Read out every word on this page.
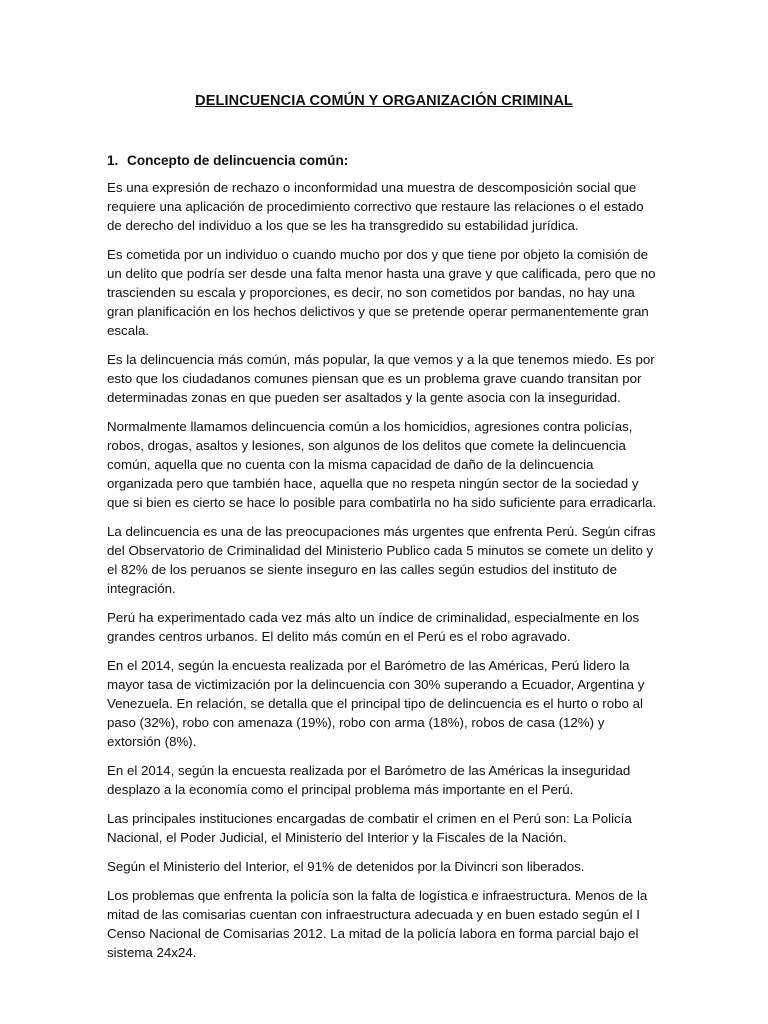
DELINCUENCIA COMÚN Y ORGANIZACIÓN CRIMINAL
1. Concepto de delincuencia común:

Es una expresión de rechazo o inconformidad una muestra de descomposición social que requiere una aplicación de procedimiento correctivo que restaure las relaciones o el estado de derecho del individuo a los que se les ha transgredido su estabilidad jurídica.

Es cometida por un individuo o cuando mucho por dos y que tiene por objeto la comisión de un delito que podría ser desde una falta menor hasta una grave y que calificada, pero que no trascienden su escala y proporciones, es decir, no son cometidos por bandas, no hay una gran planificación en los hechos delictivos y que se pretende operar permanentemente gran escala.

Es la delincuencia más común, más popular, la que vemos y a la que tenemos miedo. Es por esto que los ciudadanos comunes piensan que es un problema grave cuando transitan por determinadas zonas en que pueden ser asaltados y la gente asocia con la inseguridad.

Normalmente llamamos delincuencia común a los homicidios, agresiones contra policías, robos, drogas, asaltos y lesiones, son algunos de los delitos que comete la delincuencia común, aquella que no cuenta con la misma capacidad de daño de la delincuencia organizada pero que también hace, aquella que no respeta ningún sector de la sociedad y que si bien es cierto se hace lo posible para combatirla no ha sido suficiente para erradicarla.

La delincuencia es una de las preocupaciones más urgentes que enfrenta Perú. Según cifras del Observatorio de Criminalidad del Ministerio Publico cada 5 minutos se comete un delito y el 82% de los peruanos se siente inseguro en las calles según estudios del instituto de integración.

Perú ha experimentado cada vez más alto un índice de criminalidad, especialmente en los grandes centros urbanos. El delito más común en el Perú es el robo agravado.

En el 2014, según la encuesta realizada por el Barómetro de las Américas, Perú lidero la mayor tasa de victimización por la delincuencia con 30% superando a Ecuador, Argentina y Venezuela. En relación, se detalla que el principal tipo de delincuencia es el hurto o robo al paso (32%), robo con amenaza (19%), robo con arma (18%), robos de casa (12%) y extorsión (8%).

En el 2014, según la encuesta realizada por el Barómetro de las Américas la inseguridad desplazo a la economía como el principal problema más importante en el Perú.

Las principales instituciones encargadas de combatir el crimen en el Perú son: La Policía Nacional, el Poder Judicial, el Ministerio del Interior y la Fiscales de la Nación.

Según el Ministerio del Interior, el 91% de detenidos por la Divincri son liberados.

Los problemas que enfrenta la policía son la falta de logística e infraestructura. Menos de la mitad de las comisarias cuentan con infraestructura adecuada y en buen estado según el I Censo Nacional de Comisarias 2012. La mitad de la policía labora en forma parcial bajo el sistema 24x24.
